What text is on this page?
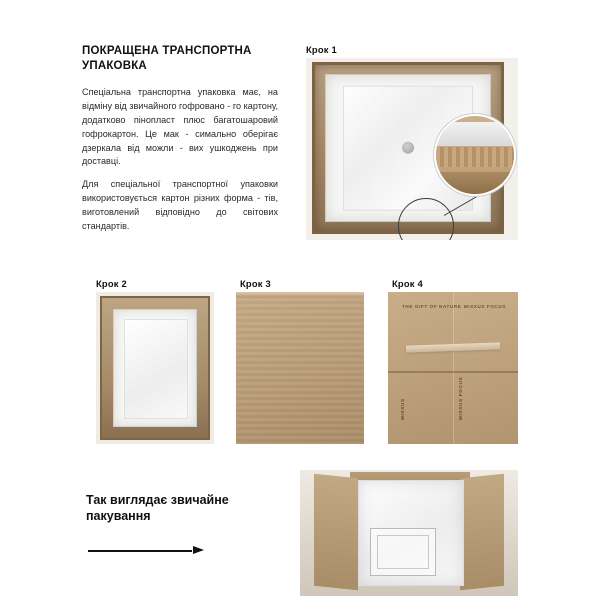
ПОКРАЩЕНА ТРАНСПОРТНА УПАКОВКА

Спеціальна транспортна упаковка має, на відміну від звичайного гофровано - го картону, додатково пінопласт плюс багатошаровий гофрокартон. Це мак - симально оберігає дзеркала від можли - вих ушкоджень при доставці.

Для спеціальної транспортної упаковки використовується картон різних форма - тів, виготовлений відповідно до світових стандартів.

Крок 1
Крок 2	Крок 3	Крок 4
THE GIFT OF NATURE MIXXUS FOCUS
MIXXUS	MIXXUS FOCUS
Так виглядає звичайне пакування
